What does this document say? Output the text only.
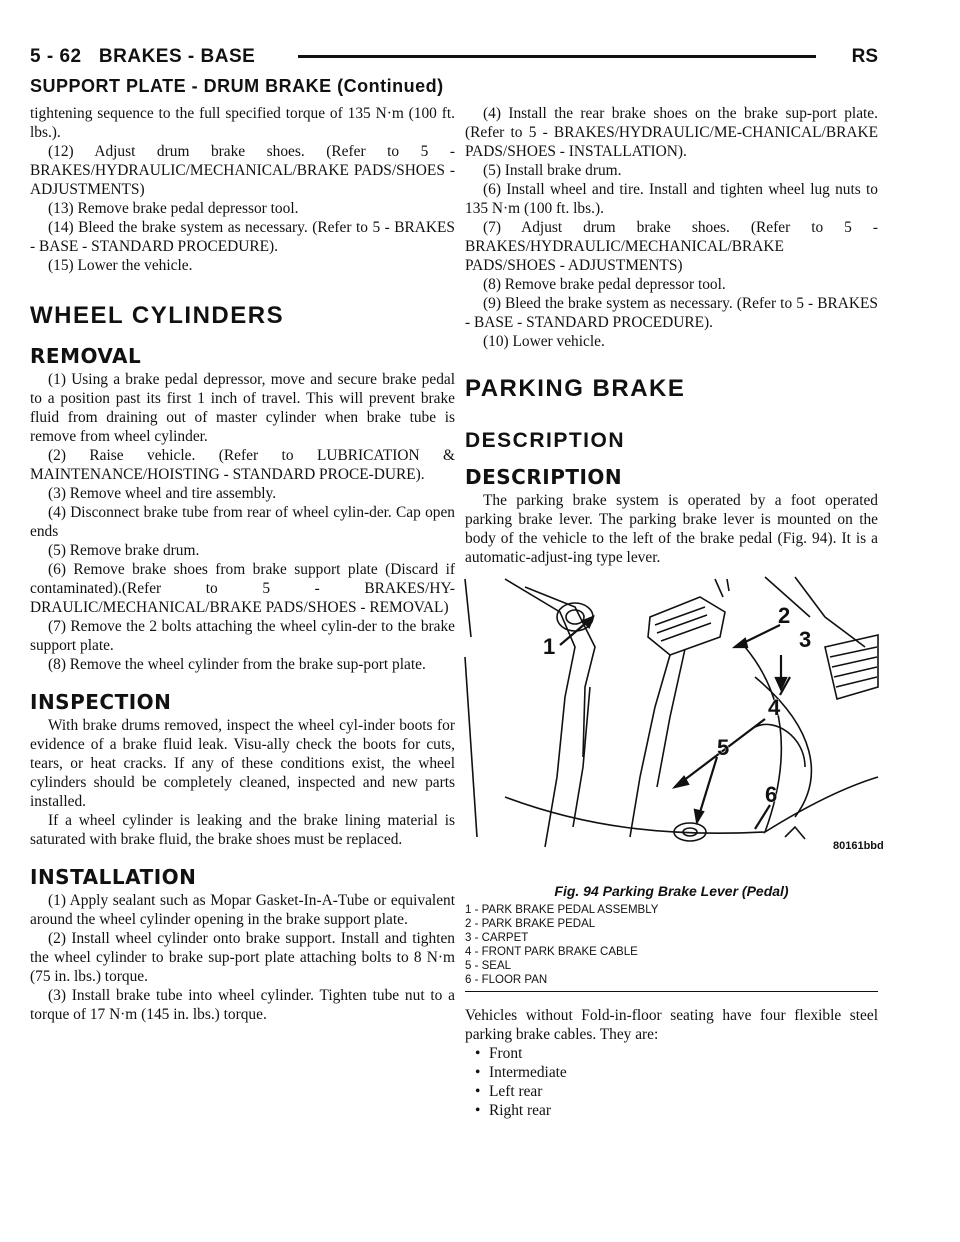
5 - 62   BRAKES - BASE	RS
SUPPORT PLATE - DRUM BRAKE (Continued)

tightening sequence to the full specified torque of 135 N·m (100 ft. lbs.).

(12) Adjust drum brake shoes. (Refer to 5 - BRAKES/HYDRAULIC/MECHANICAL/BRAKE PADS/SHOES - ADJUSTMENTS)

(13) Remove brake pedal depressor tool.

(14) Bleed the brake system as necessary. (Refer to 5 - BRAKES - BASE - STANDARD PROCEDURE).

(15) Lower the vehicle.

WHEEL CYLINDERS
REMOVAL

(1) Using a brake pedal depressor, move and secure brake pedal to a position past its first 1 inch of travel. This will prevent brake fluid from draining out of master cylinder when brake tube is remove from wheel cylinder.

(2) Raise vehicle. (Refer to LUBRICATION & MAINTENANCE/HOISTING - STANDARD PROCE-DURE).

(3) Remove wheel and tire assembly.

(4) Disconnect brake tube from rear of wheel cylin-der. Cap open ends

(5) Remove brake drum.

(6) Remove brake shoes from brake support plate (Discard if contaminated).(Refer to 5 - BRAKES/HY-DRAULIC/MECHANICAL/BRAKE PADS/SHOES - REMOVAL)

(7) Remove the 2 bolts attaching the wheel cylin-der to the brake support plate.

(8) Remove the wheel cylinder from the brake sup-port plate.

INSPECTION

With brake drums removed, inspect the wheel cyl-inder boots for evidence of a brake fluid leak. Visu-ally check the boots for cuts, tears, or heat cracks. If any of these conditions exist, the wheel cylinders should be completely cleaned, inspected and new parts installed.

If a wheel cylinder is leaking and the brake lining material is saturated with brake fluid, the brake shoes must be replaced.

INSTALLATION

(1) Apply sealant such as Mopar Gasket-In-A-Tube or equivalent around the wheel cylinder opening in the brake support plate.

(2) Install wheel cylinder onto brake support. Install and tighten the wheel cylinder to brake sup-port plate attaching bolts to 8 N·m (75 in. lbs.) torque.

(3) Install brake tube into wheel cylinder. Tighten tube nut to a torque of 17 N·m (145 in. lbs.) torque.

(4) Install the rear brake shoes on the brake sup-port plate. (Refer to 5 - BRAKES/HYDRAULIC/ME-CHANICAL/BRAKE PADS/SHOES - INSTALLATION).

(5) Install brake drum.

(6) Install wheel and tire. Install and tighten wheel lug nuts to 135 N·m (100 ft. lbs.).

(7) Adjust drum brake shoes. (Refer to 5 - BRAKES/HYDRAULIC/MECHANICAL/BRAKE PADS/SHOES - ADJUSTMENTS)

(8) Remove brake pedal depressor tool.

(9) Bleed the brake system as necessary. (Refer to 5 - BRAKES - BASE - STANDARD PROCEDURE).

(10) Lower vehicle.

PARKING BRAKE
DESCRIPTION
DESCRIPTION

The parking brake system is operated by a foot operated parking brake lever. The parking brake lever is mounted on the body of the vehicle to the left of the brake pedal (Fig. 94). It is a automatic-adjust-ing type lever.

1
2
3
4
5
6
80161bbd
Fig. 94 Parking Brake Lever (Pedal)
1 - PARK BRAKE PEDAL ASSEMBLY
2 - PARK BRAKE PEDAL
3 - CARPET
4 - FRONT PARK BRAKE CABLE
5 - SEAL
6 - FLOOR PAN

Vehicles without Fold-in-floor seating have four flexible steel parking brake cables. They are:

• Front
• Intermediate
• Left rear
• Right rear
